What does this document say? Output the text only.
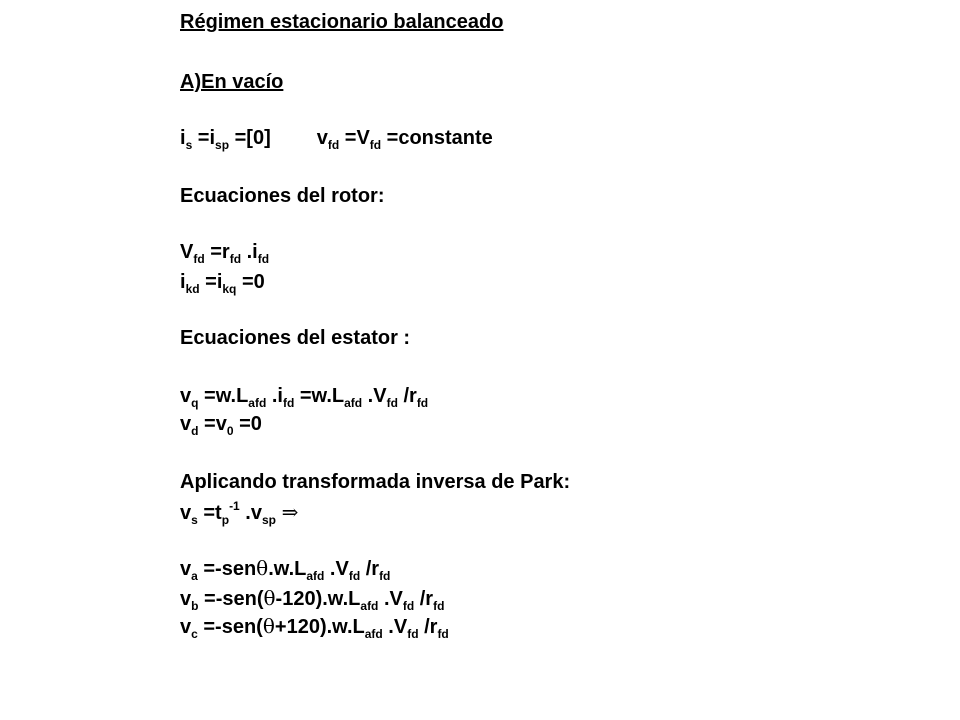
Régimen estacionario balanceado
A)En vacío
$i_s =i_{sp} =[0]$ $v_{fd} =V_{fd}$ =constante
Ecuaciones del rotor:
$V_{fd} =r_{fd}$ $.i_{fd}$
$i_{kd} =i_{kq} =0$
Ecuaciones del estator :
$v_q =w.L_{afd}$ $.i_{fd} =w.L_{afd}$ $.V_{fd}$ $/r_{fd}$
$v_d =v_0 =0$
Aplicando transformada inversa de Park:
$v_s =t_p^{-1}$ $.v_{sp}$ ⇒
$v_a =-sen\theta.w.L_{afd}$ $.V_{fd}$ $/r_{fd}$
$v_b =-sen(\theta-120).w.L_{afd}$ $.V_{fd}$ $/r_{fd}$
$v_c =-sen(\theta+120).w.L_{afd}$ $.V_{fd}$ $/r_{fd}$
